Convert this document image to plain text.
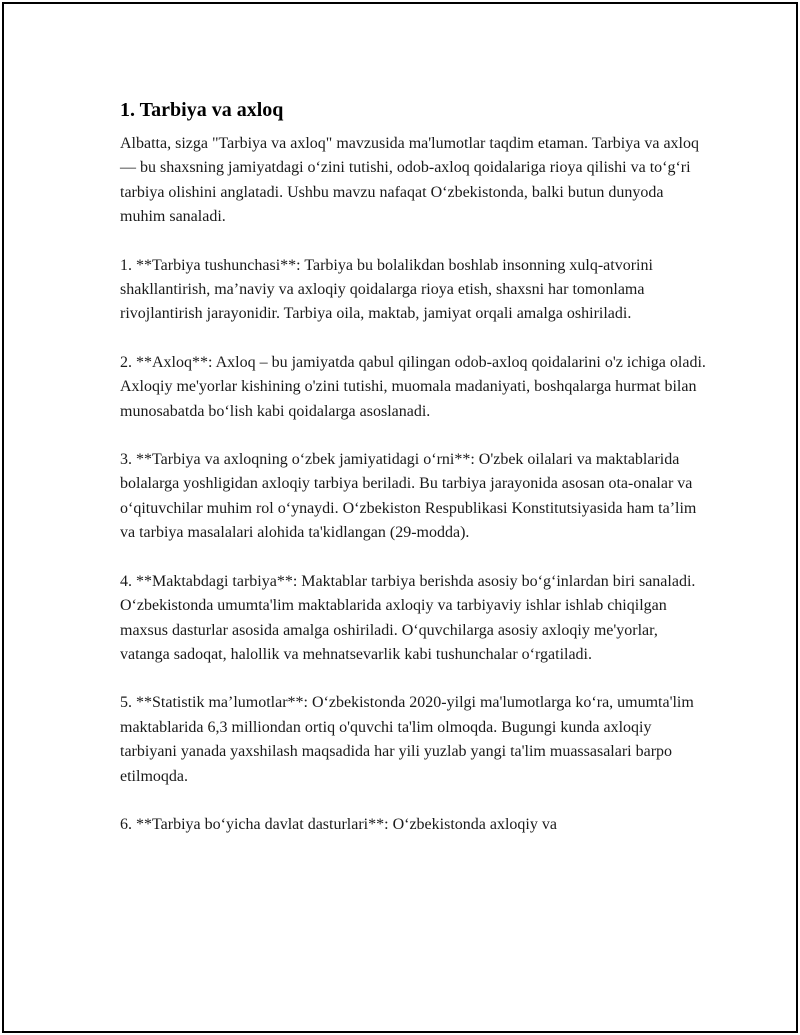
1. Tarbiya va axloq

Albatta, sizga "Tarbiya va axloq" mavzusida ma'lumotlar taqdim etaman. Tarbiya va axloq — bu shaxsning jamiyatdagi o‘zini tutishi, odob-axloq qoidalariga rioya qilishi va to‘g‘ri tarbiya olishini anglatadi. Ushbu mavzu nafaqat O‘zbekistonda, balki butun dunyoda muhim sanaladi.

1. **Tarbiya tushunchasi**: Tarbiya bu bolalikdan boshlab insonning xulq-atvorini shakllantirish, ma’naviy va axloqiy qoidalarga rioya etish, shaxsni har tomonlama rivojlantirish jarayonidir. Tarbiya oila, maktab, jamiyat orqali amalga oshiriladi.

2. **Axloq**: Axloq – bu jamiyatda qabul qilingan odob-axloq qoidalarini o'z ichiga oladi. Axloqiy me'yorlar kishining o'zini tutishi, muomala madaniyati, boshqalarga hurmat bilan munosabatda bo‘lish kabi qoidalarga asoslanadi.

3. **Tarbiya va axloqning o‘zbek jamiyatidagi o‘rni**: O'zbek oilalari va maktablarida bolalarga yoshligidan axloqiy tarbiya beriladi. Bu tarbiya jarayonida asosan ota-onalar va o‘qituvchilar muhim rol o‘ynaydi. O‘zbekiston Respublikasi Konstitutsiyasida ham ta’lim va tarbiya masalalari alohida ta'kidlangan (29-modda).

4. **Maktabdagi tarbiya**: Maktablar tarbiya berishda asosiy bo‘g‘inlardan biri sanaladi. O‘zbekistonda umumta'lim maktablarida axloqiy va tarbiyaviy ishlar ishlab chiqilgan maxsus dasturlar asosida amalga oshiriladi. O‘quvchilarga asosiy axloqiy me'yorlar, vatanga sadoqat, halollik va mehnatsevarlik kabi tushunchalar o‘rgatiladi.

5. **Statistik ma’lumotlar**: O‘zbekistonda 2020-yilgi ma'lumotlarga ko‘ra, umumta'lim maktablarida 6,3 milliondan ortiq o'quvchi ta'lim olmoqda. Bugungi kunda axloqiy tarbiyani yanada yaxshilash maqsadida har yili yuzlab yangi ta'lim muassasalari barpo etilmoqda.

6. **Tarbiya bo‘yicha davlat dasturlari**: O‘zbekistonda axloqiy va
